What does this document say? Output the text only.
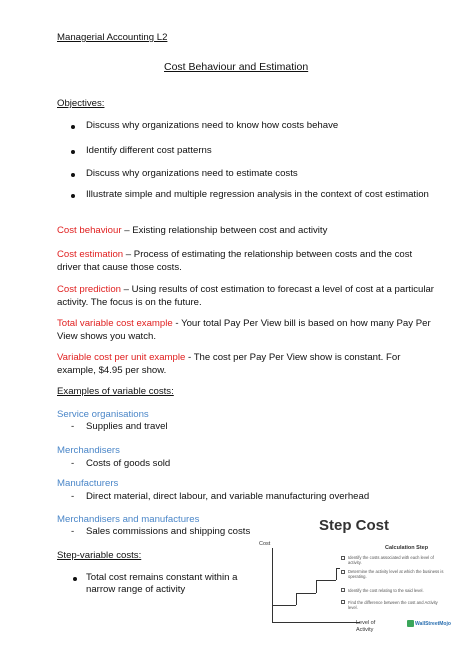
Managerial Accounting L2
Cost Behaviour and Estimation
Objectives:
Discuss why organizations need to know how costs behave
Identify different cost patterns
Discuss why organizations need to estimate costs
Illustrate simple and multiple regression analysis in the context of cost estimation
Cost behaviour – Existing relationship between cost and activity
Cost estimation – Process of estimating the relationship between costs and the cost driver that cause those costs.
Cost prediction – Using results of cost estimation to forecast a level of cost at a particular activity. The focus is on the future.
Total variable cost example - Your total Pay Per View bill is based on how many Pay Per View shows you watch.
Variable cost per unit example - The cost per Pay Per View show is constant. For example, $4.95 per show.
Examples of variable costs:
Service organisations
- Supplies and travel
Merchandisers
- Costs of goods sold
Manufacturers
- Direct material, direct labour, and variable manufacturing overhead
Merchandisers and manufactures
- Sales commissions and shipping costs
Step-variable costs:
Total cost remains constant within a
narrow range of activity
Step Cost
Cost
Level of
Activity
Calculation Step
Identify the costs associated with each level of activity.
Determine the activity level at which the business is operating.
Identify the cost relating to the said level.
Find the difference between the cost and Activity level.
WallStreetMojo
